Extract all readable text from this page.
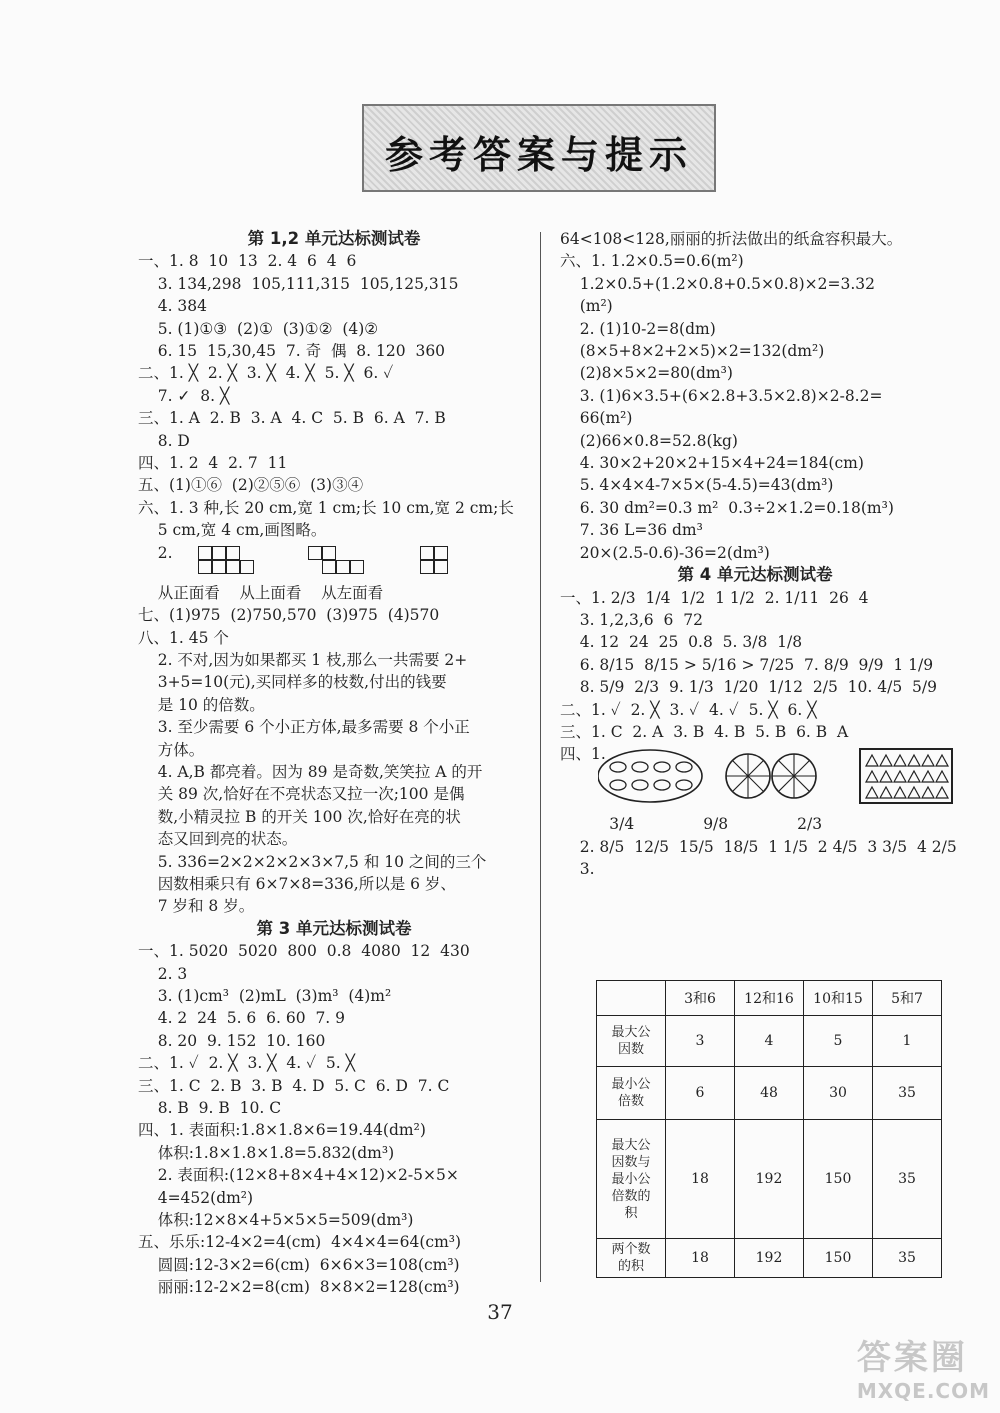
参考答案与提示
第 1,2 单元达标测试卷
一、1. 8  10  13  2. 4  6  4  6
3. 134,298  105,111,315  105,125,315
4. 384
5. (1)①③  (2)①  (3)①②  (4)②
6. 15  15,30,45  7. 奇  偶  8. 120  360
二、1. ╳  2. ╳  3. ╳  4. ╳  5. ╳  6. ✓
7. ✓  8. ╳
三、1. A  2. B  3. A  4. C  5. B  6. A  7. B
8. D
四、1. 2  4  2. 7  11
五、(1)①⑥  (2)②⑤⑥  (3)③④
六、1. 3 种,长 20 cm,宽 1 cm;长 10 cm,宽 2 cm;长
5 cm,宽 4 cm,画图略。
2.
从正面看    从上面看    从左面看
七、(1)975  (2)750,570  (3)975  (4)570
八、1. 45 个
2. 不对,因为如果都买 1 枝,那么一共需要 2+
3+5=10(元),买同样多的枝数,付出的钱要
是 10 的倍数。
3. 至少需要 6 个小正方体,最多需要 8 个小正
方体。
4. A,B 都亮着。因为 89 是奇数,笑笑拉 A 的开
关 89 次,恰好在不亮状态又拉一次;100 是偶
数,小精灵拉 B 的开关 100 次,恰好在亮的状
态又回到亮的状态。
5. 336=2×2×2×2×3×7,5 和 10 之间的三个
因数相乘只有 6×7×8=336,所以是 6 岁、
7 岁和 8 岁。
第 3 单元达标测试卷
一、1. 5020  5020  800  0.8  4080  12  430
2. 3
3. (1)cm³  (2)mL  (3)m³  (4)m²
4. 2  24  5. 6  6. 60  7. 9
8. 20  9. 152  10. 160
二、1. ✓  2. ╳  3. ╳  4. ✓  5. ╳
三、1. C  2. B  3. B  4. D  5. C  6. D  7. C
8. B  9. B  10. C
四、1. 表面积:1.8×1.8×6=19.44(dm²)
体积:1.8×1.8×1.8=5.832(dm³)
2. 表面积:(12×8+8×4+4×12)×2-5×5×
4=452(dm²)
体积:12×8×4+5×5×5=509(dm³)
五、乐乐:12-4×2=4(cm)  4×4×4=64(cm³)
圆圆:12-3×2=6(cm)  6×6×3=108(cm³)
丽丽:12-2×2=8(cm)  8×8×2=128(cm³)
64<108<128,丽丽的折法做出的纸盒容积最大。
六、1. 1.2×0.5=0.6(m²)
1.2×0.5+(1.2×0.8+0.5×0.8)×2=3.32
(m²)
2. (1)10-2=8(dm)
(8×5+8×2+2×5)×2=132(dm²)
(2)8×5×2=80(dm³)
3. (1)6×3.5+(6×2.8+3.5×2.8)×2-8.2=
66(m²)
(2)66×0.8=52.8(kg)
4. 30×2+20×2+15×4+24=184(cm)
5. 4×4×4-7×5×(5-4.5)=43(dm³)
6. 30 dm²=0.3 m²  0.3÷2×1.2=0.18(m³)
7. 36 L=36 dm³
20×(2.5-0.6)-36=2(dm³)
第 4 单元达标测试卷
一、1. 2/3  1/4  1/2  1 1/2  2. 1/11  26  4
3. 1,2,3,6  6  72
4. 12  24  25  0.8  5. 3/8  1/8
6. 8/15  8/15 > 5/16 > 7/25  7. 8/9  9/9  1 1/9
8. 5/9  2/3  9. 1/3  1/20  1/12  2/5  10. 4/5  5/9
二、1. ✓  2. ╳  3. ✓  4. ✓  5. ╳  6. ╳
三、1. C  2. A  3. B  4. B  5. B  6. B  A
四、1.
3/4              9/8              2/3
2. 8/5  12/5  15/5  18/5  1 1/5  2 4/5  3 3/5  4 2/5
3.
	3和6	12和16	10和15	5和7
最大公因数	3	4	5	1
最小公倍数	6	48	30	35
最大公因数与最小公倍数的积	18	192	150	35
两个数的积	18	192	150	35
37
答案圈
MXQE.COM
